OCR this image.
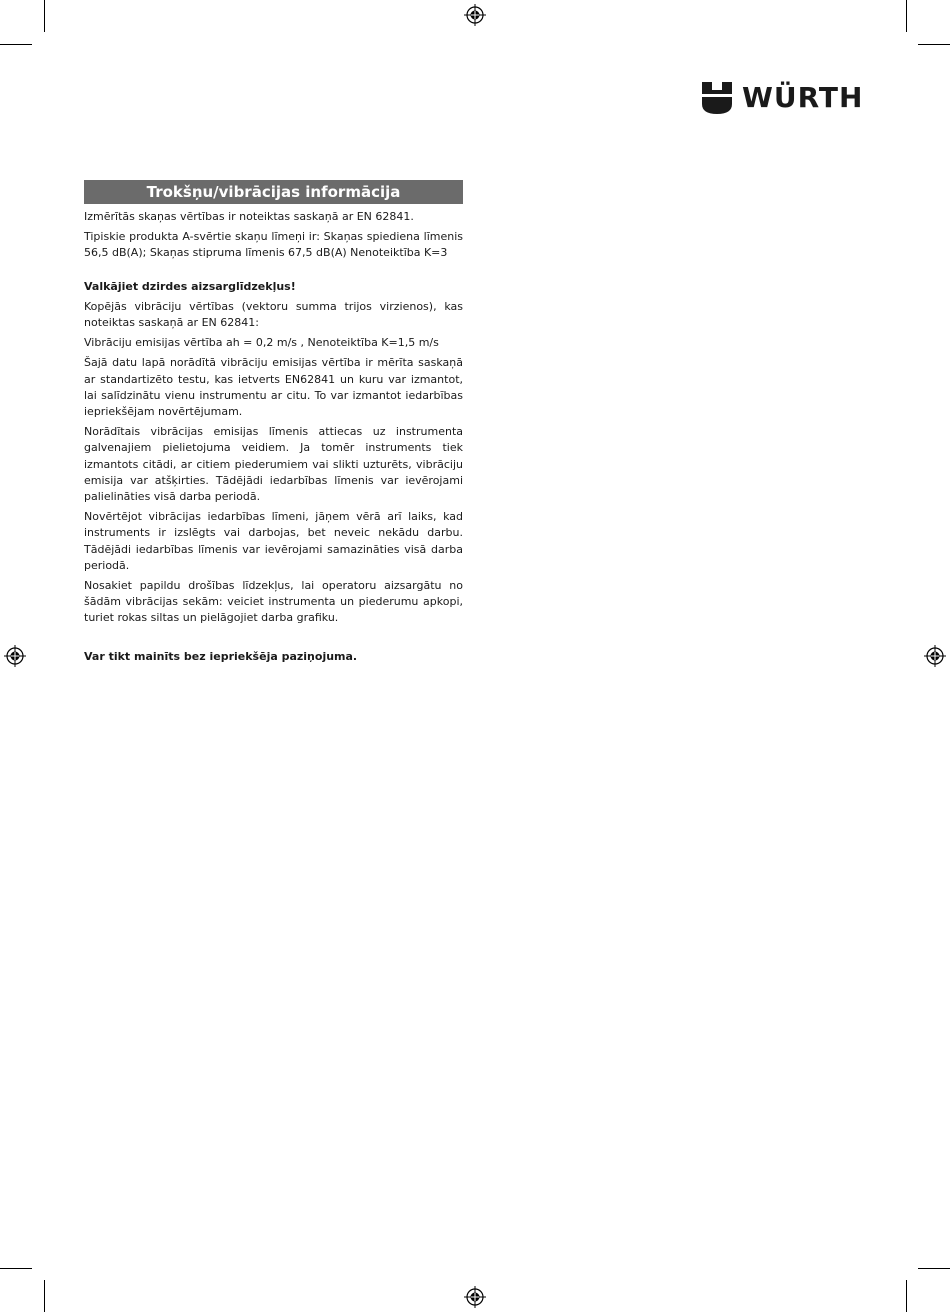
WÜRTH
Trokšņu/vibrācijas informācija

Izmērītās skaņas vērtības ir noteiktas saskaņā ar EN 62841.

Tipiskie produkta A-svērtie skaņu līmeņi ir: Skaņas spiediena līmenis 56,5 dB(A); Skaņas stipruma līmenis 67,5 dB(A) Nenoteiktība K=3

Valkājiet dzirdes aizsarglīdzekļus!

Kopējās vibrāciju vērtības (vektoru summa trijos virzienos), kas noteiktas saskaņā ar EN 62841:

Vibrāciju emisijas vērtība ah = 0,2 m/s , Nenoteiktība K=1,5 m/s

Šajā datu lapā norādītā vibrāciju emisijas vērtība ir mērīta saskaņā ar standartizēto testu, kas ietverts EN62841 un kuru var izmantot, lai salīdzinātu vienu instrumentu ar citu. To var izmantot iedarbības iepriekšējam novērtējumam.

Norādītais vibrācijas emisijas līmenis attiecas uz instrumenta galvenajiem pielietojuma veidiem. Ja tomēr instruments tiek izmantots citādi, ar citiem piederumiem vai slikti uzturēts, vibrāciju emisija var atšķirties. Tādējādi iedarbības līmenis var ievērojami palielināties visā darba periodā.

Novērtējot vibrācijas iedarbības līmeni, jāņem vērā arī laiks, kad instruments ir izslēgts vai darbojas, bet neveic nekādu darbu. Tādējādi iedarbības līmenis var ievērojami samazināties visā darba periodā.

Nosakiet papildu drošības līdzekļus, lai operatoru aizsargātu no šādām vibrācijas sekām: veiciet instrumenta un piederumu apkopi, turiet rokas siltas un pielāgojiet darba grafiku.

Var tikt mainīts bez iepriekšēja paziņojuma.
